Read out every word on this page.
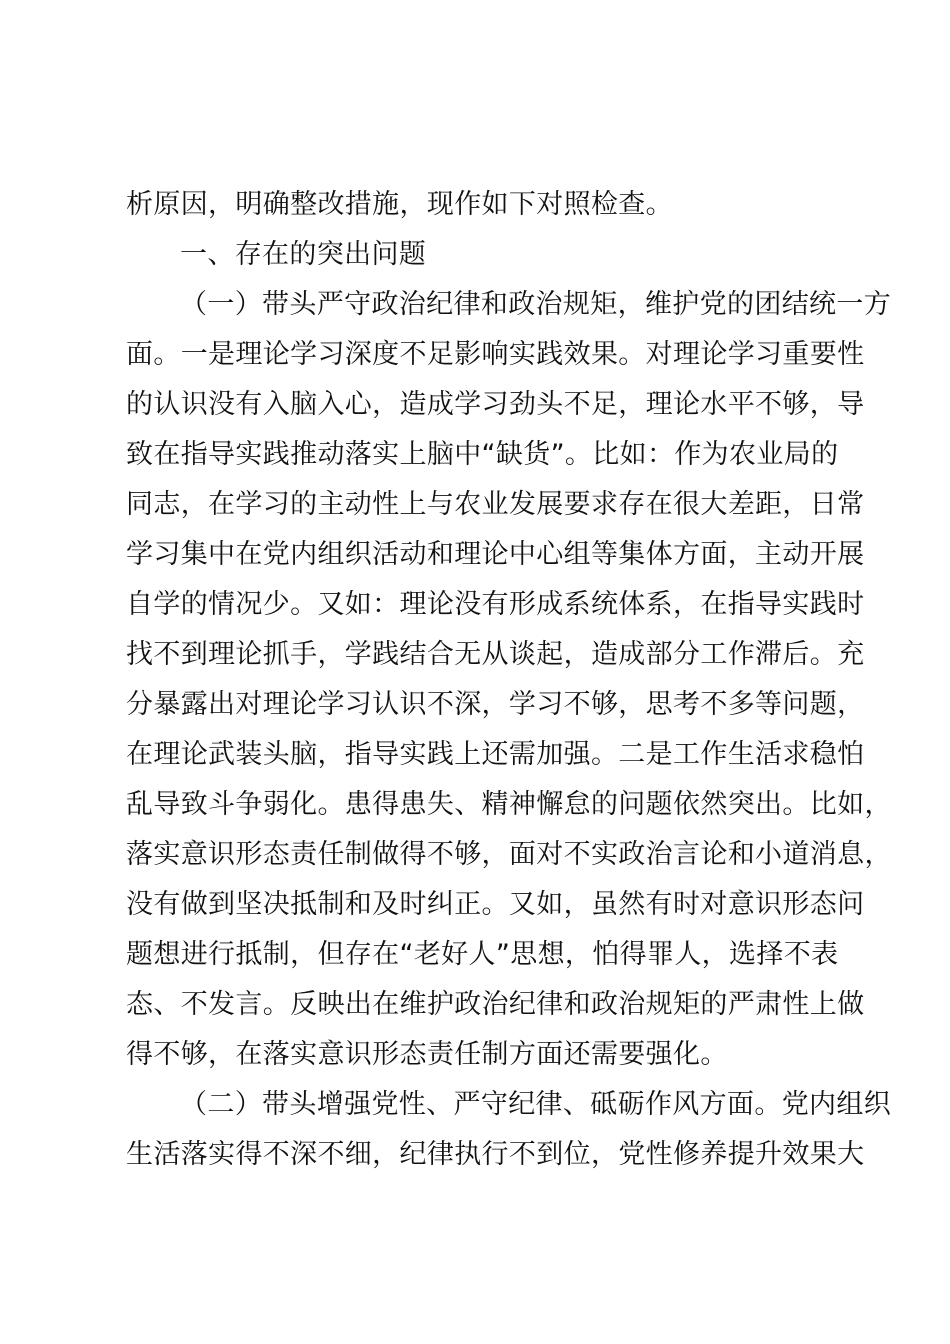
析原因，明确整改措施，现作如下对照检查。
一、存在的突出问题
（一）带头严守政治纪律和政治规矩，维护党的团结统一方
面。一是理论学习深度不足影响实践效果。对理论学习重要性
的认识没有入脑入心，造成学习劲头不足，理论水平不够，导
致在指导实践推动落实上脑中“缺货”。比如：作为农业局的
同志，在学习的主动性上与农业发展要求存在很大差距，日常
学习集中在党内组织活动和理论中心组等集体方面，主动开展
自学的情况少。又如：理论没有形成系统体系，在指导实践时
找不到理论抓手，学践结合无从谈起，造成部分工作滞后。充
分暴露出对理论学习认识不深，学习不够，思考不多等问题，
在理论武装头脑，指导实践上还需加强。二是工作生活求稳怕
乱导致斗争弱化。患得患失、精神懈怠的问题依然突出。比如，
落实意识形态责任制做得不够，面对不实政治言论和小道消息，
没有做到坚决抵制和及时纠正。又如，虽然有时对意识形态问
题想进行抵制，但存在“老好人”思想，怕得罪人，选择不表
态、不发言。反映出在维护政治纪律和政治规矩的严肃性上做
得不够，在落实意识形态责任制方面还需要强化。
（二）带头增强党性、严守纪律、砥砺作风方面。党内组织
生活落实得不深不细，纪律执行不到位，党性修养提升效果大
